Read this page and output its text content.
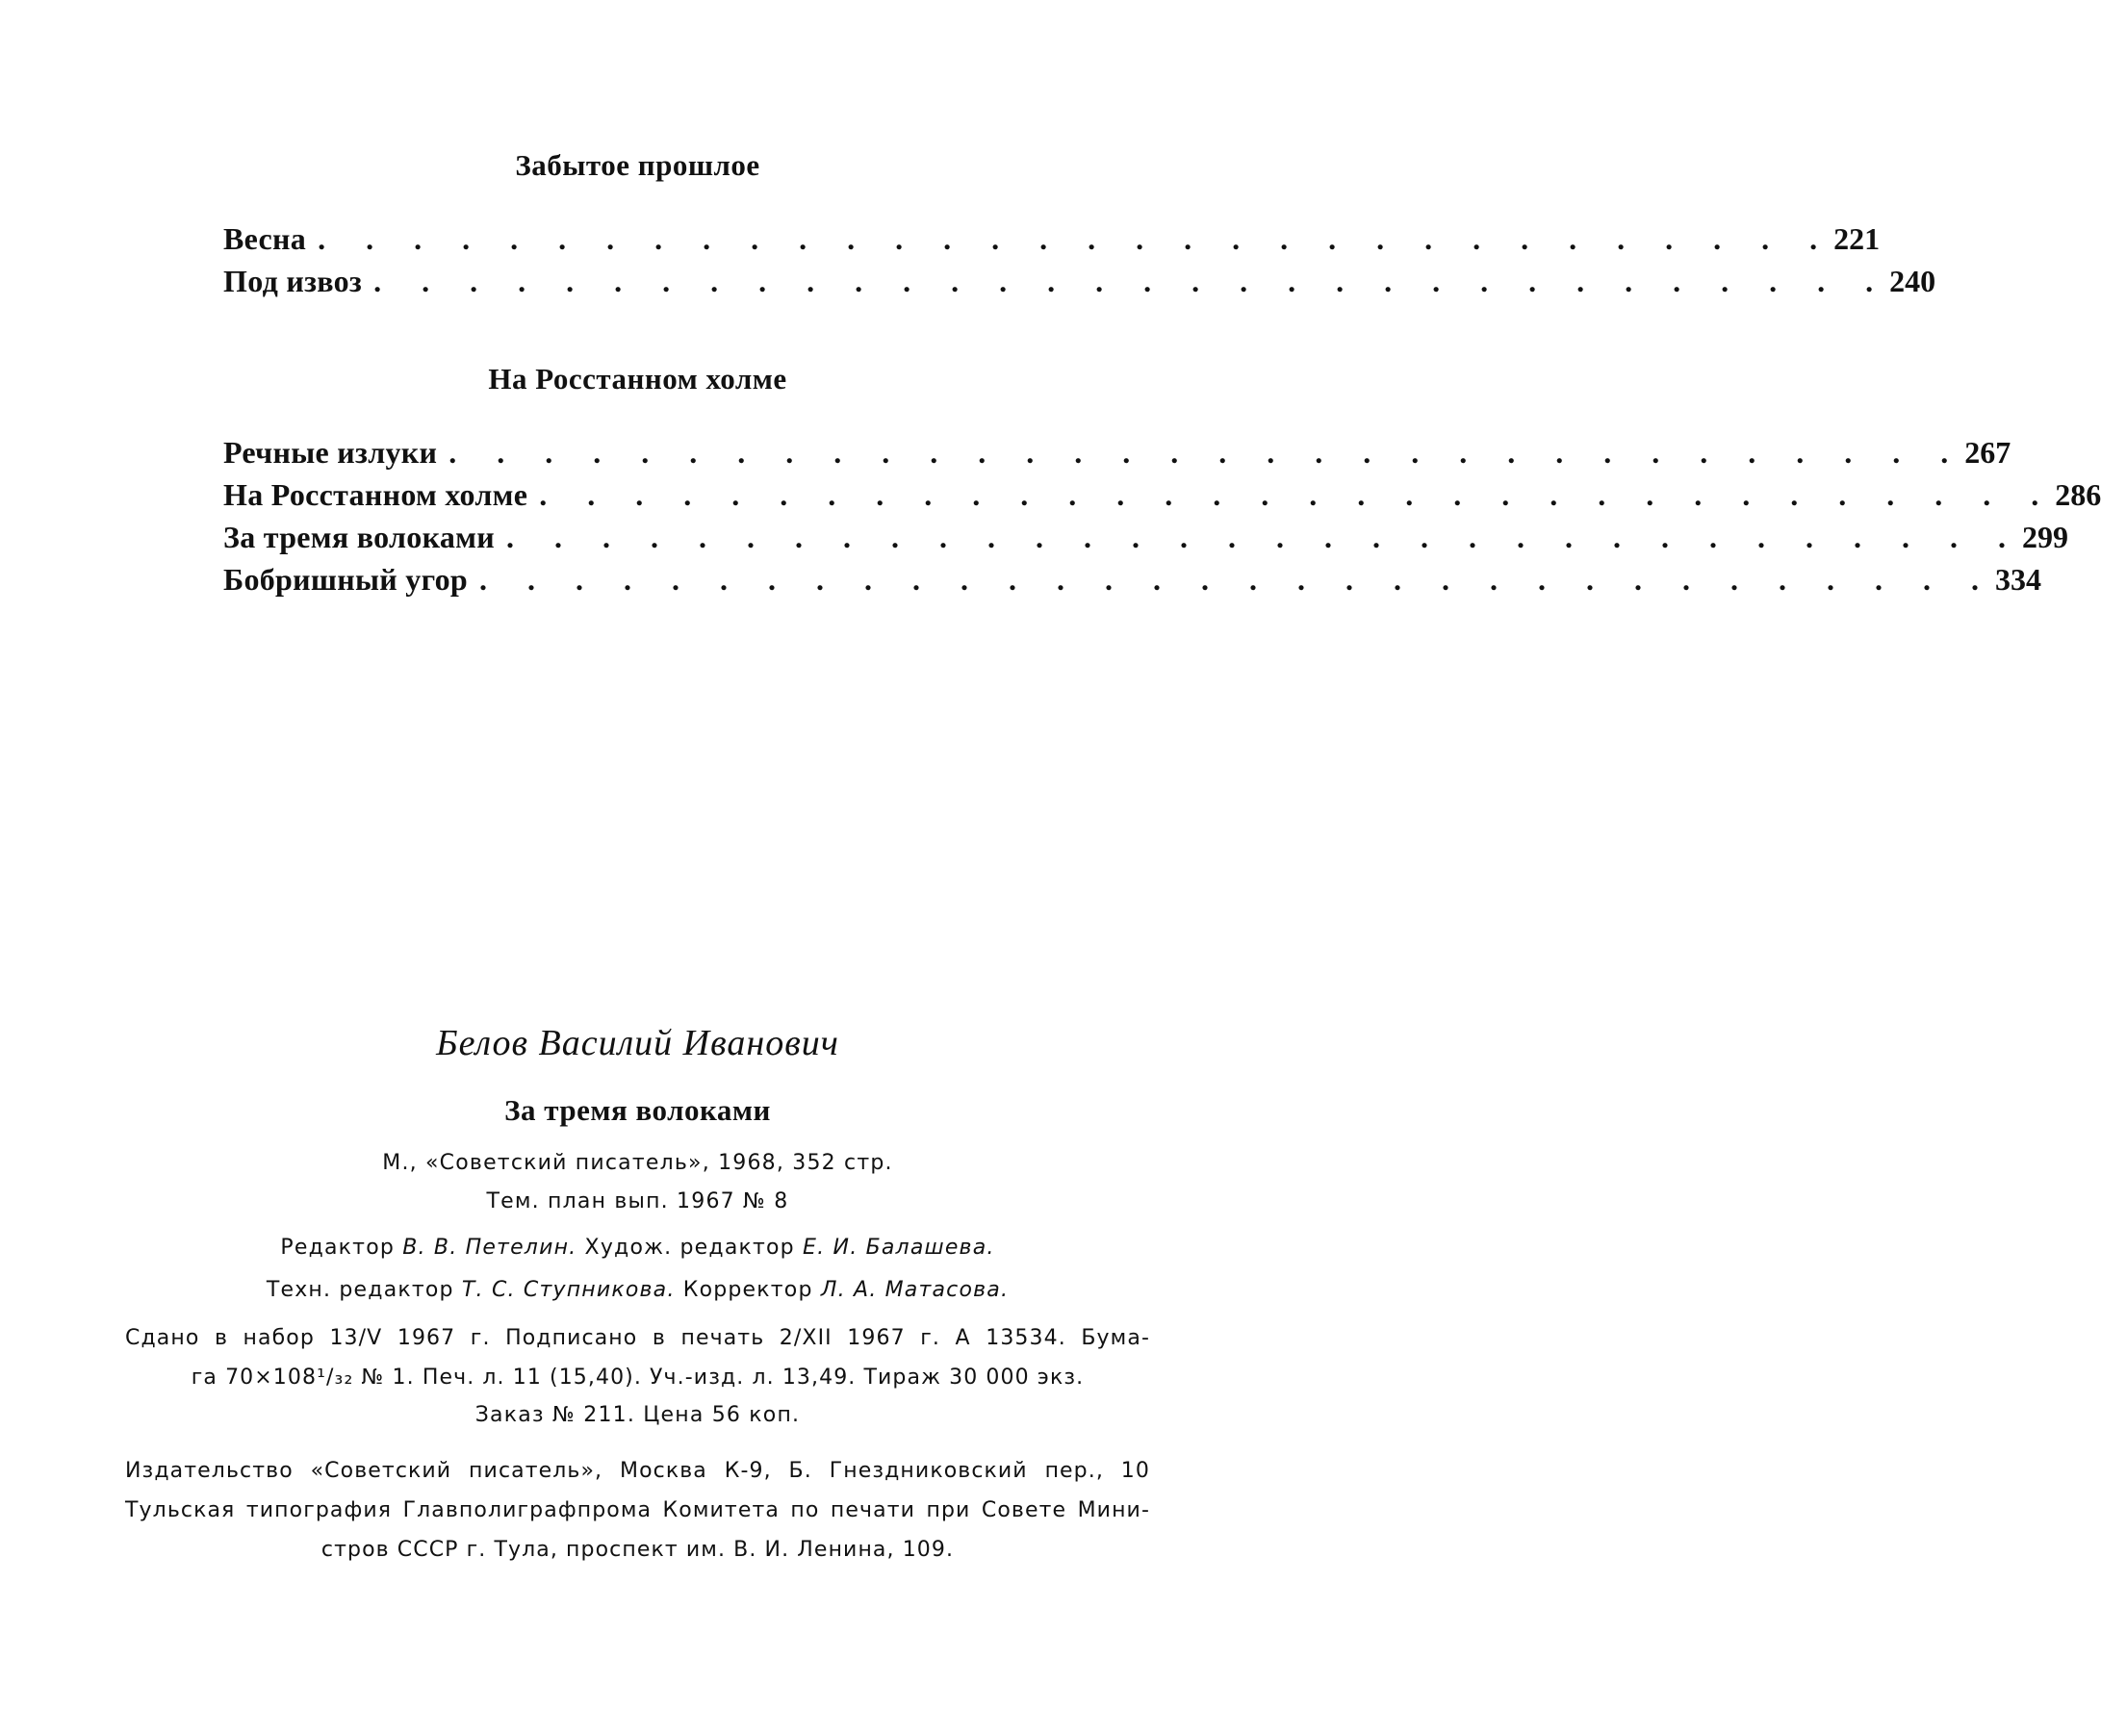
Забытое прошлое
Весна . . . . . . . . . . . . . . . . . . . . . . . . . . . . . . . . 221
Под извоз . . . . . . . . . . . . . . . . . . . . . . . . . . . . . . . . 240
На Росстанном холме
Речные излуки . . . . . . . . . . . . . . . . . . . . . . . . . . . . . . . . 267
На Росстанном холме . . . . . . . . . . . . . . . . . . . . . . . . . . . . . . . . 286
За тремя волоками . . . . . . . . . . . . . . . . . . . . . . . . . . . . . . . . 299
Бобришный угор . . . . . . . . . . . . . . . . . . . . . . . . . . . . . . . . 334
Белов Василий Иванович
За тремя волоками
М., «Советский писатель», 1968, 352 стр.
Тем. план вып. 1967 № 8
Редактор В. В. Петелин. Худож. редактор Е. И. Балашева.
Техн. редактор Т. С. Ступникова. Корректор Л. А. Матасова.
Сдано в набор 13/V 1967 г. Подписано в печать 2/XII 1967 г. А 13534. Бума-
га 70×108¹/₃₂ № 1. Печ. л. 11 (15,40). Уч.-изд. л. 13,49. Тираж 30 000 экз.
Заказ № 211. Цена 56 коп.
Издательство «Советский писатель», Москва К-9, Б. Гнездниковский пер., 10
Тульская типография Главполиграфпрома Комитета по печати при Совете Мини-
стров СССР г. Тула, проспект им. В. И. Ленина, 109.
